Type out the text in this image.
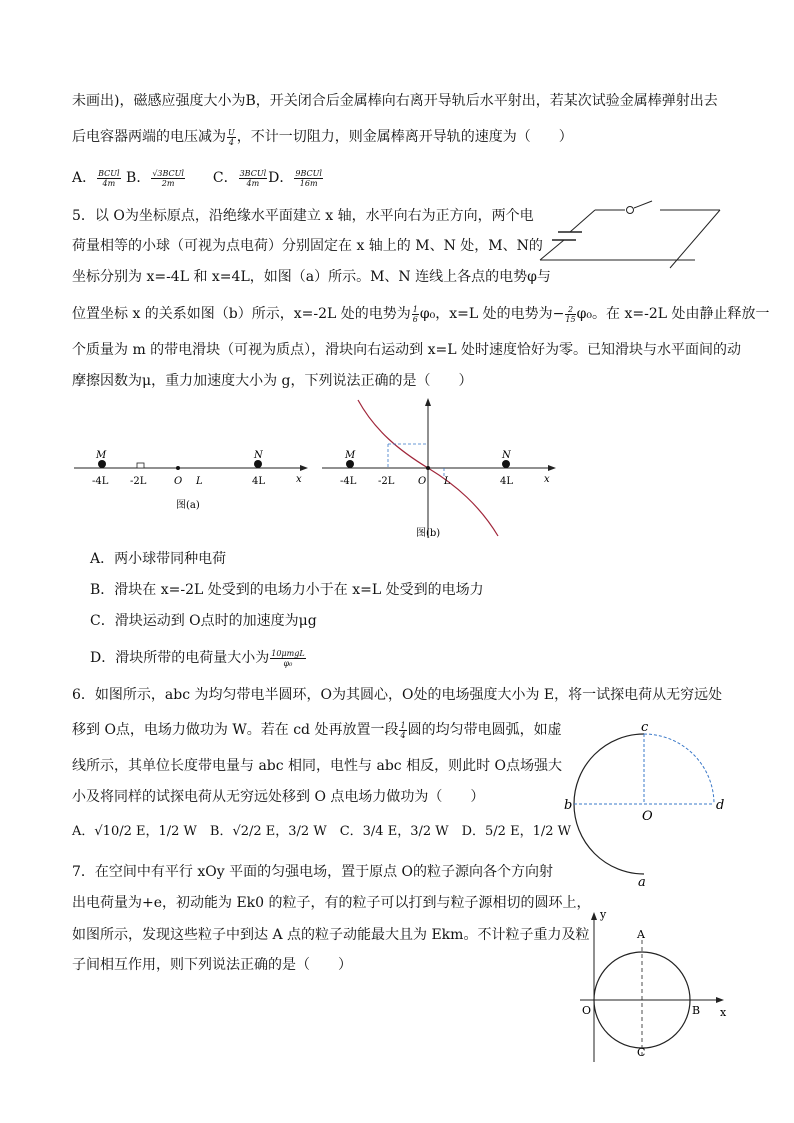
未画出)，磁感应强度大小为B，开关闭合后金属棒向右离开导轨后水平射出，若某次试验金属棒弹射出去
后电容器两端的电压减为 $\frac{U}{4}$ ，不计一切阻力，则金属棒离开导轨的速度为（　　）
A． $\frac{\text{BCUl}}{4m}$ B． $\frac{\text{√3BCUl}}{2m}$ C． $\frac{\text{3BCUl}}{4m}$ D． $\frac{\text{9BCUl}}{16m}$
5．以 O为坐标原点，沿绝缘水平面建立 x 轴，水平向右为正方向，两个电
荷量相等的小球（可视为点电荷）分别固定在 x 轴上的 M、N 处，M、N的
坐标分别为 x=-4L 和 x=4L，如图（a）所示。M、N 连线上各点的电势φ与
位置坐标 x 的关系如图（b）所示，x=-2L 处的电势为 $\frac{1}{6} \varphi_0$，x=L 处的电势为− $\frac{2}{15} \varphi_0$。在 x=-2L 处由静止释放一
个质量为 m 的带电滑块（可视为质点），滑块向右运动到 x=L 处时速度恰好为零。已知滑块与水平面间的动
摩擦因数为μ，重力加速度大小为 g，下列说法正确的是（　　）
M	N
-4L -2L	O L	4L	x
图(a)
M	N
-4L -2L O L	4L	x
图(b)
A．两小球带同种电荷
B．滑块在 x=-2L 处受到的电场力小于在 x=L 处受到的电场力
C．滑块运动到 O点时的加速度为μg
D．滑块所带的电荷量大小为 $\frac{\text{10μmgL}}{\text{φ₀}}$
6．如图所示，abc 为均匀带电半圆环，O为其圆心，O处的电场强度大小为 E，将一试探电荷从无穷远处
移到 O点，电场力做功为 W。若在 cd 处再放置一段 $\frac{1}{4}$ 圆的均匀带电圆弧，如虚
线所示，其单位长度带电量与 abc 相同，电性与 abc 相反，则此时 O点场强大
小及将同样的试探电荷从无穷远处移到 O 点电场力做功为（　　）
A．√10/2 E，1/2 W　B．√2/2 E，3/2 W　C．3/4 E，3/2 W　D．5/2 E，1/2 W
c
b	d
O
a
7．在空间中有平行 xOy 平面的匀强电场，置于原点 O的粒子源向各个方向射
出电荷量为+e，初动能为 Ek0 的粒子，有的粒子可以打到与粒子源相切的圆环上，
如图所示，发现这些粒子中到达 A 点的粒子动能最大且为 Ekm。不计粒子重力及粒
子间相互作用，则下列说法正确的是（　　）
y
x
O
A
B
C
